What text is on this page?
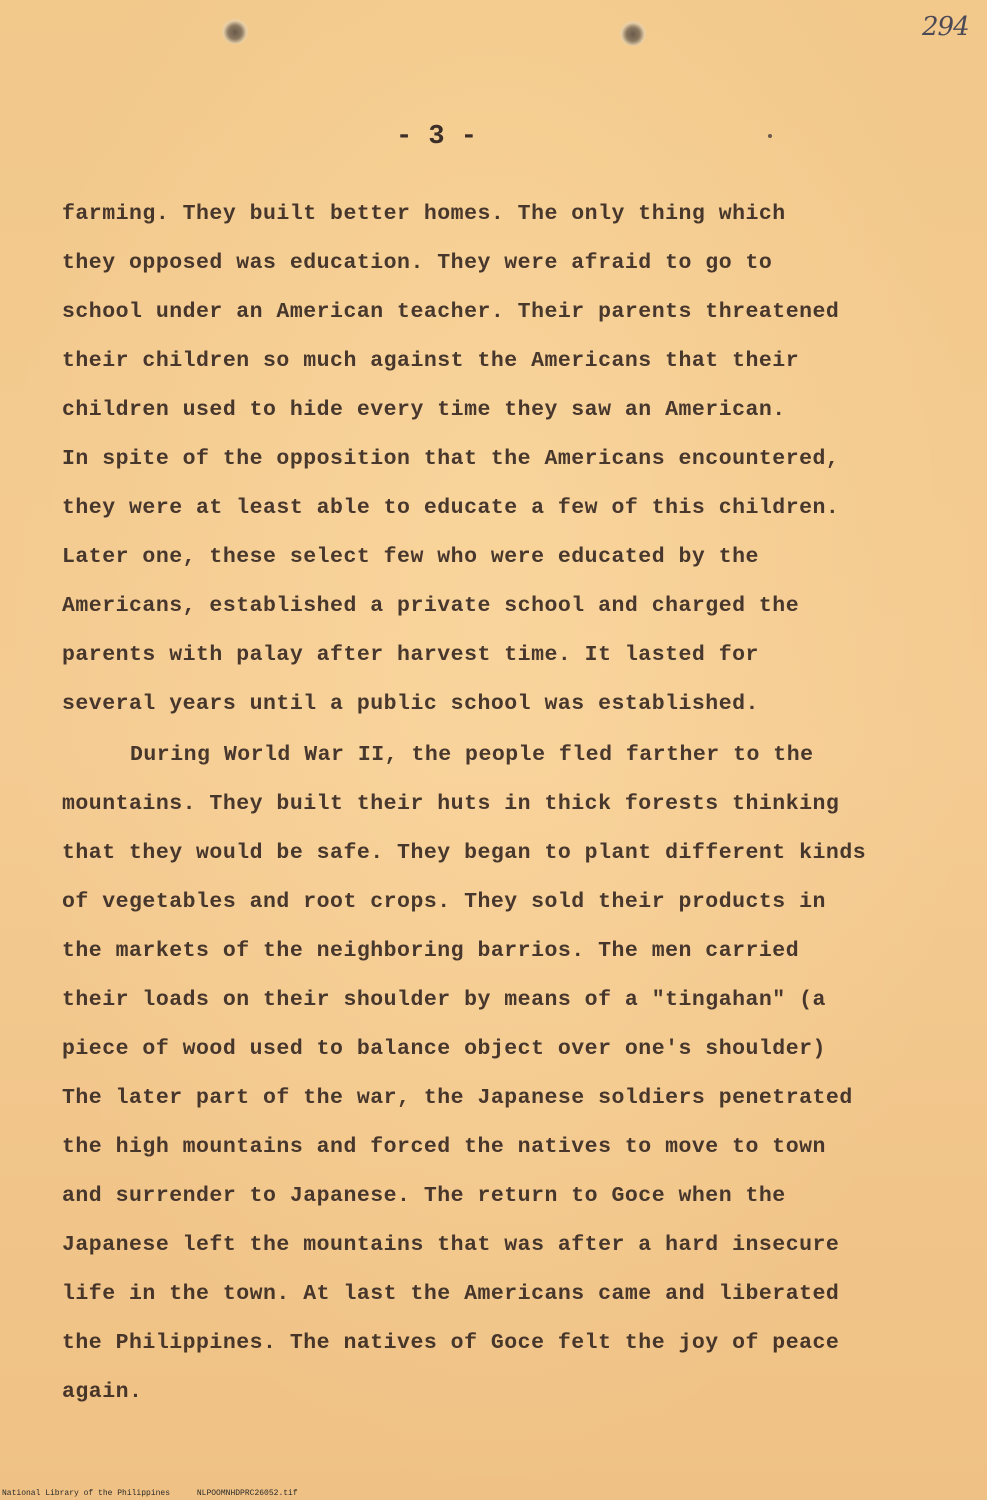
294
- 3 -
farming. They built better homes. The only thing which
they opposed was education. They were afraid to go to
school under an American teacher. Their parents threatened
their children so much against the Americans that their
children used to hide every time they saw an American.
In spite of the opposition that the Americans encountered,
they were at least able to educate a few of this children.
Later one, these select few who were educated by the
Americans, established a private school and charged the
parents with palay after harvest time. It lasted for
several years until a public school was established.
During World War II, the people fled farther to the
mountains. They built their huts in thick forests thinking
that they would be safe. They began to plant different kinds
of vegetables and root crops. They sold their products in
the markets of the neighboring barrios. The men carried
their loads on their shoulder by means of a "tingahan" (a
piece of wood used to balance object over one's shoulder)
The later part of the war, the Japanese soldiers penetrated
the high mountains and forced the natives to move to town
and surrender to Japanese. The return to Goce when the
Japanese left the mountains that was after a hard insecure
life in the town. At last the Americans came and liberated
the Philippines. The natives of Goce felt the joy of peace
again.
National Library of the Philippines	NLPOOMNHDPRC26052.tif
